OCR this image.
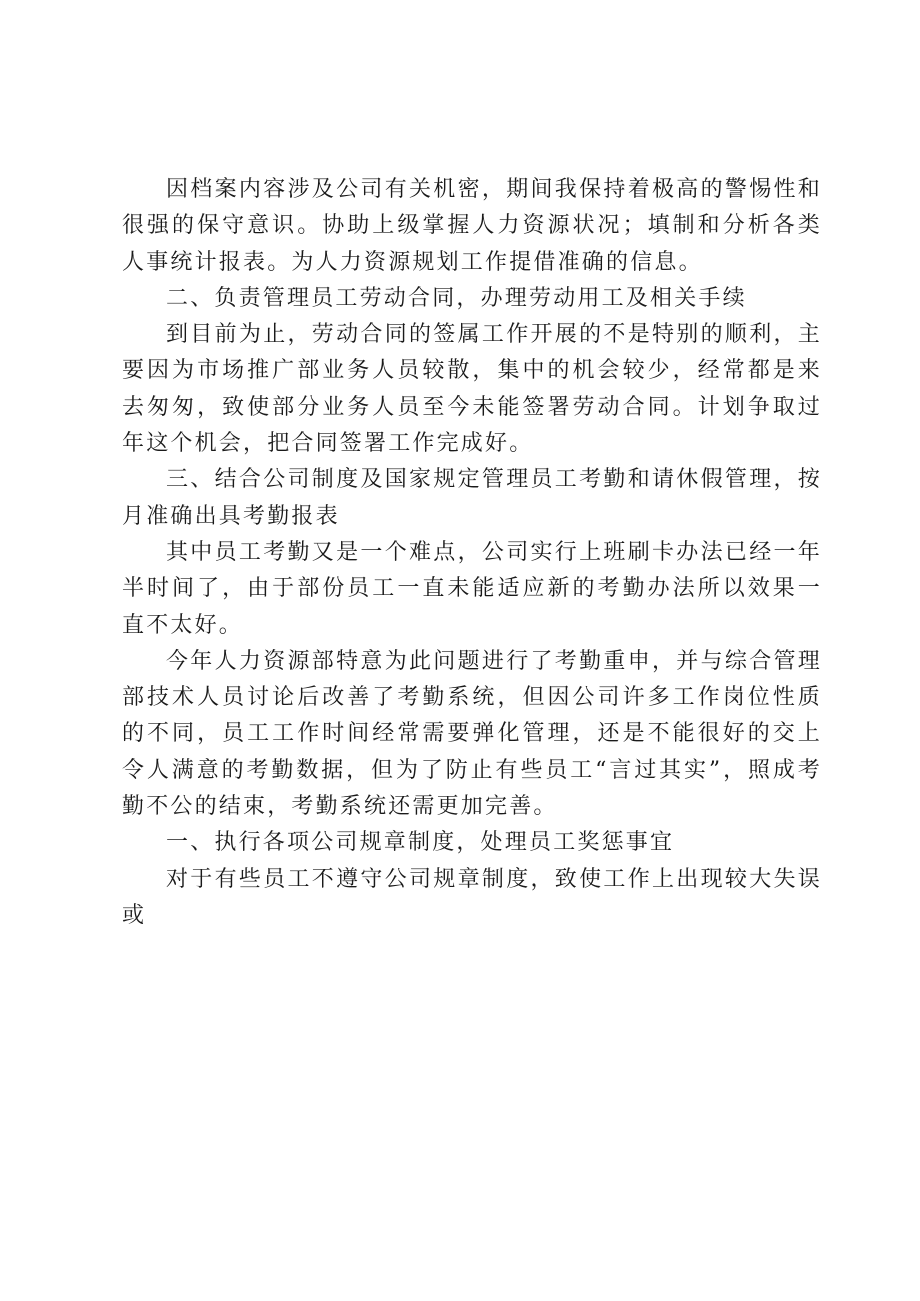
因档案内容涉及公司有关机密，期间我保持着极高的警惕性和很强的保守意识。协助上级掌握人力资源状况；填制和分析各类人事统计报表。为人力资源规划工作提借准确的信息。

二、负责管理员工劳动合同，办理劳动用工及相关手续

到目前为止，劳动合同的签属工作开展的不是特别的顺利，主要因为市场推广部业务人员较散，集中的机会较少，经常都是来去匆匆，致使部分业务人员至今未能签署劳动合同。计划争取过年这个机会，把合同签署工作完成好。

三、结合公司制度及国家规定管理员工考勤和请休假管理，按月准确出具考勤报表

其中员工考勤又是一个难点，公司实行上班刷卡办法已经一年半时间了，由于部份员工一直未能适应新的考勤办法所以效果一直不太好。

今年人力资源部特意为此问题进行了考勤重申，并与综合管理部技术人员讨论后改善了考勤系统，但因公司许多工作岗位性质的不同，员工工作时间经常需要弹化管理，还是不能很好的交上令人满意的考勤数据，但为了防止有些员工“言过其实”，照成考勤不公的结束，考勤系统还需更加完善。

一、执行各项公司规章制度，处理员工奖惩事宜

对于有些员工不遵守公司规章制度，致使工作上出现较大失误或
